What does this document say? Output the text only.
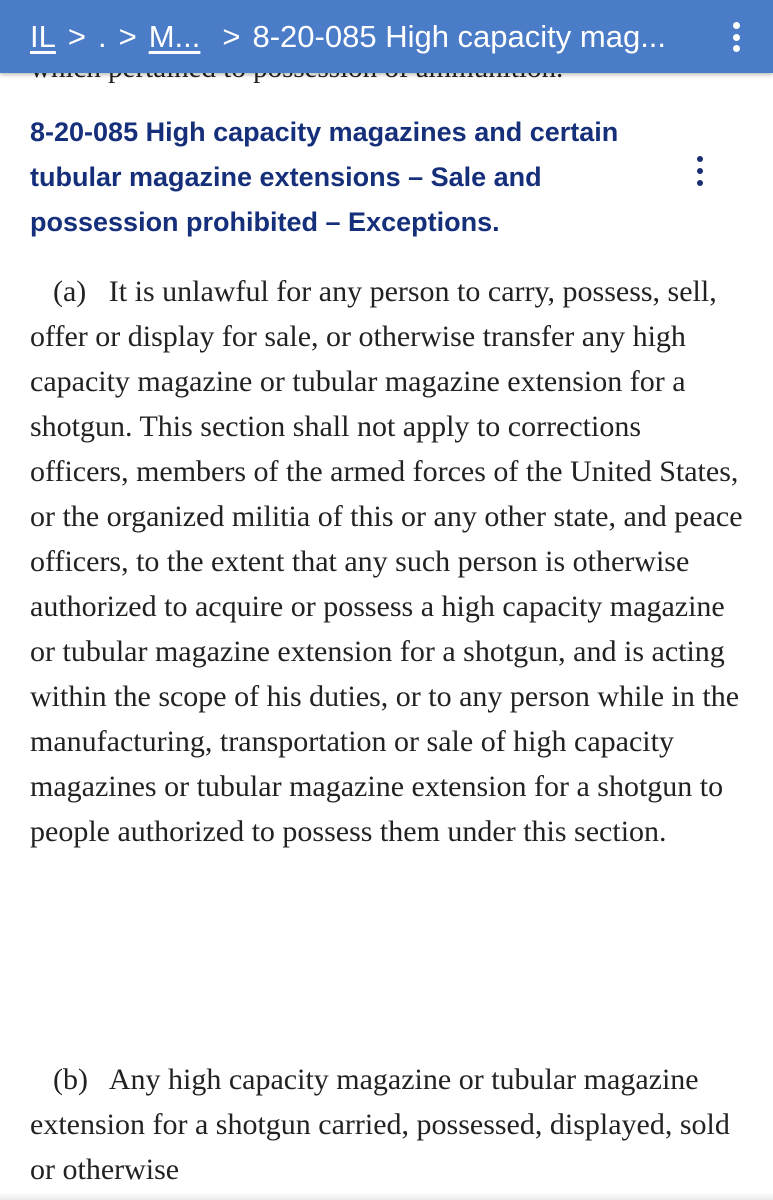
IL > . > M... > 8-20-085 High capacity mag...
8-20-085 High capacity magazines and certain tubular magazine extensions – Sale and possession prohibited – Exceptions.

(a) It is unlawful for any person to carry, possess, sell, offer or display for sale, or otherwise transfer any high capacity magazine or tubular magazine extension for a shotgun. This section shall not apply to corrections officers, members of the armed forces of the United States, or the organized militia of this or any other state, and peace officers, to the extent that any such person is otherwise authorized to acquire or possess a high capacity magazine or tubular magazine extension for a shotgun, and is acting within the scope of his duties, or to any person while in the manufacturing, transportation or sale of high capacity magazines or tubular magazine extension for a shotgun to people authorized to possess them under this section.

(b) Any high capacity magazine or tubular magazine extension for a shotgun carried, possessed, displayed, sold or otherwise
